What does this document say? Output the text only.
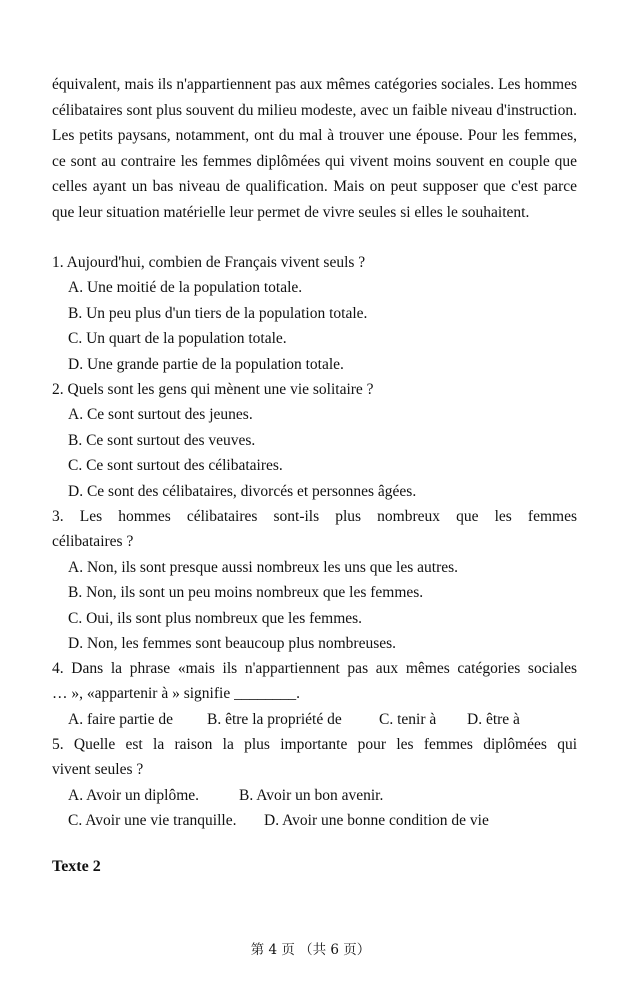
équivalent, mais ils n'appartiennent pas aux mêmes catégories sociales. Les hommes célibataires sont plus souvent du milieu modeste, avec un faible niveau d'instruction. Les petits paysans, notamment, ont du mal à trouver une épouse. Pour les femmes, ce sont au contraire les femmes diplômées qui vivent moins souvent en couple que celles ayant un bas niveau de qualification. Mais on peut supposer que c'est parce que leur situation matérielle leur permet de vivre seules si elles le souhaitent.

1. Aujourd'hui, combien de Français vivent seuls ?
A. Une moitié de la population totale.
B. Un peu plus d'un tiers de la population totale.
C. Un quart de la population totale.
D. Une grande partie de la population totale.
2. Quels sont les gens qui mènent une vie solitaire ?
A. Ce sont surtout des jeunes.
B. Ce sont surtout des veuves.
C. Ce sont surtout des célibataires.
D. Ce sont des célibataires, divorcés et personnes âgées.
3. Les hommes célibataires sont-ils plus nombreux que les femmes
célibataires ?
A. Non, ils sont presque aussi nombreux les uns que les autres.
B. Non, ils sont un peu moins nombreux que les femmes.
C. Oui, ils sont plus nombreux que les femmes.
D. Non, les femmes sont beaucoup plus nombreuses.
4. Dans la phrase «mais ils n'appartiennent pas aux mêmes catégories sociales
… », «appartenir à » signifie ________.
A. faire partie de B. être la propriété de C. tenir à D. être à
5. Quelle est la raison la plus importante pour les femmes diplômées qui
vivent seules ?
A. Avoir un diplôme.	B. Avoir un bon avenir.
C. Avoir une vie tranquille. D. Avoir une bonne condition de vie
Texte 2
第 4 页 （共 6 页）
